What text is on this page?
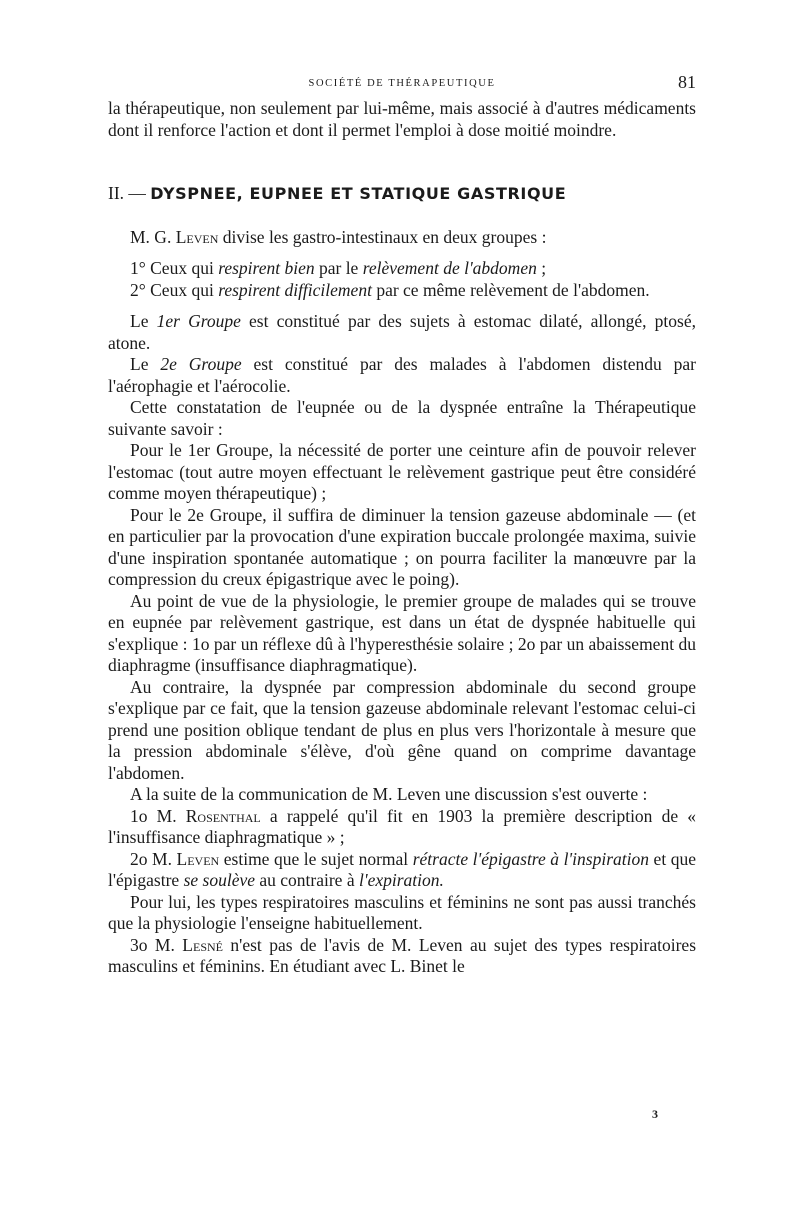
SOCIÉTÉ DE THÉRAPEUTIQUE	81

la thérapeutique, non seulement par lui-même, mais associé à d'autres médicaments dont il renforce l'action et dont il permet l'emploi à dose moitié moindre.

II. — DYSPNEE, EUPNEE ET STATIQUE GASTRIQUE

M. G. Leven divise les gastro-intestinaux en deux groupes :

1° Ceux qui respirent bien par le relèvement de l'abdomen ;

2° Ceux qui respirent difficilement par ce même relèvement de l'abdomen.

Le 1er Groupe est constitué par des sujets à estomac dilaté, allongé, ptosé, atone.

Le 2e Groupe est constitué par des malades à l'abdomen distendu par l'aérophagie et l'aérocolie.

Cette constatation de l'eupnée ou de la dyspnée entraîne la Thérapeutique suivante savoir :

Pour le 1er Groupe, la nécessité de porter une ceinture afin de pouvoir relever l'estomac (tout autre moyen effectuant le relèvement gastrique peut être considéré comme moyen thérapeutique) ;

Pour le 2e Groupe, il suffira de diminuer la tension gazeuse abdominale — (et en particulier par la provocation d'une expiration buccale prolongée maxima, suivie d'une inspiration spontanée automatique ; on pourra faciliter la manœuvre par la compression du creux épigastrique avec le poing).

Au point de vue de la physiologie, le premier groupe de malades qui se trouve en eupnée par relèvement gastrique, est dans un état de dyspnée habituelle qui s'explique : 1o par un réflexe dû à l'hyperesthésie solaire ; 2o par un abaissement du diaphragme (insuffisance diaphragmatique).

Au contraire, la dyspnée par compression abdominale du second groupe s'explique par ce fait, que la tension gazeuse abdominale relevant l'estomac celui-ci prend une position oblique tendant de plus en plus vers l'horizontale à mesure que la pression abdominale s'élève, d'où gêne quand on comprime davantage l'abdomen.

A la suite de la communication de M. Leven une discussion s'est ouverte :

1o M. Rosenthal a rappelé qu'il fit en 1903 la première description de « l'insuffisance diaphragmatique » ;

2o M. Leven estime que le sujet normal rétracte l'épigastre à l'inspiration et que l'épigastre se soulève au contraire à l'expiration.

Pour lui, les types respiratoires masculins et féminins ne sont pas aussi tranchés que la physiologie l'enseigne habituellement.

3o M. Lesné n'est pas de l'avis de M. Leven au sujet des types respiratoires masculins et féminins. En étudiant avec L. Binet le

3
